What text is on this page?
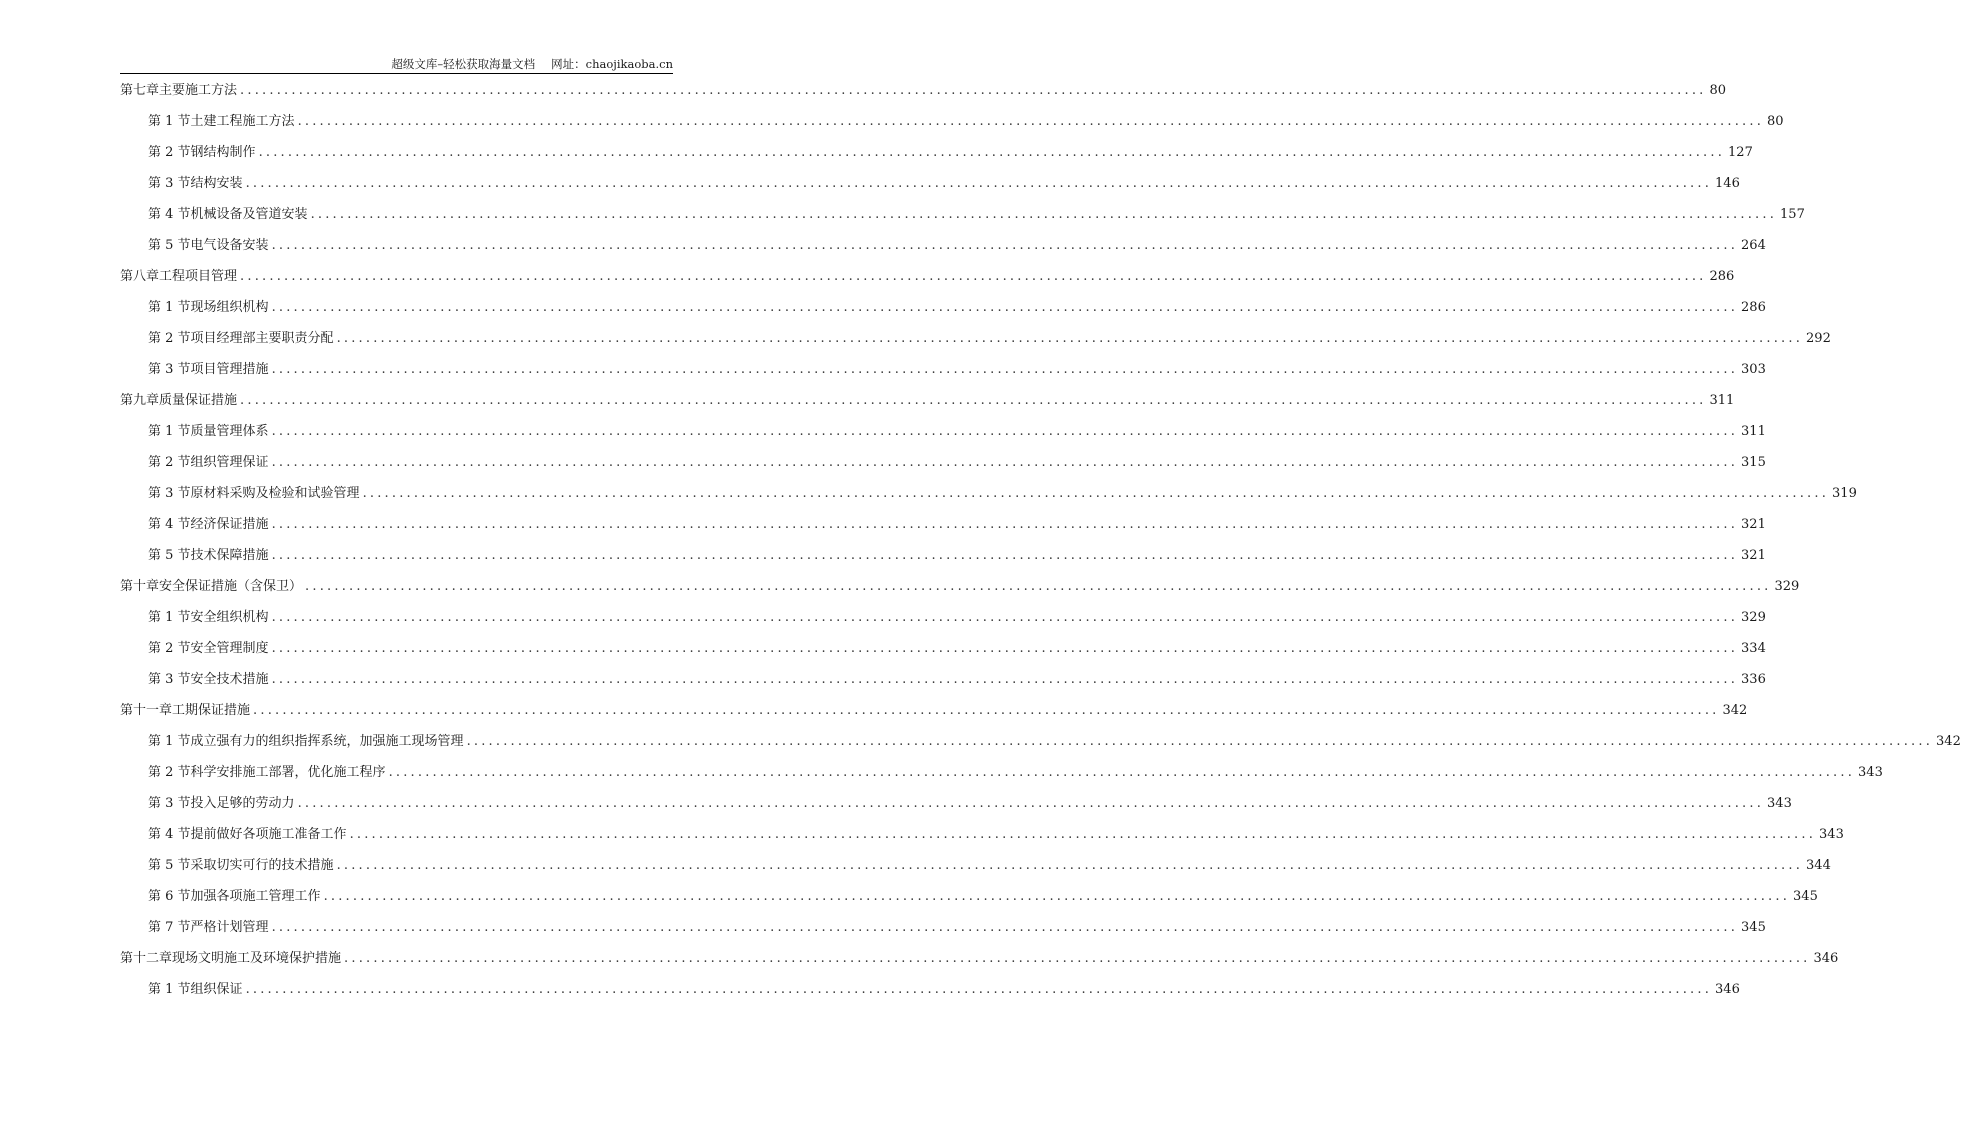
超级文库–轻松获取海量文档 网址：chaojikaoba.cn
第七章 主要施工方法 ........................................................................................................................................................................................................ 80
第 1 节 土建工程施工方法 ........................................................................................................................................................................................................ 80
第 2 节 钢结构制作 ........................................................................................................................................................................................................ 127
第 3 节 结构安装 ........................................................................................................................................................................................................ 146
第 4 节 机械设备及管道安装 ........................................................................................................................................................................................................ 157
第 5 节 电气设备安装 ........................................................................................................................................................................................................ 264
第八章 工程项目管理 ........................................................................................................................................................................................................ 286
第 1 节 现场组织机构 ........................................................................................................................................................................................................ 286
第 2 节 项目经理部主要职责分配 ........................................................................................................................................................................................................ 292
第 3 节 项目管理措施 ........................................................................................................................................................................................................ 303
第九章 质量保证措施 ........................................................................................................................................................................................................ 311
第 1 节 质量管理体系 ........................................................................................................................................................................................................ 311
第 2 节 组织管理保证 ........................................................................................................................................................................................................ 315
第 3 节 原材料采购及检验和试验管理 ........................................................................................................................................................................................................ 319
第 4 节 经济保证措施 ........................................................................................................................................................................................................ 321
第 5 节 技术保障措施 ........................................................................................................................................................................................................ 321
第十章 安全保证措施（含保卫） ........................................................................................................................................................................................................ 329
第 1 节 安全组织机构 ........................................................................................................................................................................................................ 329
第 2 节 安全管理制度 ........................................................................................................................................................................................................ 334
第 3 节 安全技术措施 ........................................................................................................................................................................................................ 336
第十一章 工期保证措施 ........................................................................................................................................................................................................ 342
第 1 节 成立强有力的组织指挥系统，加强施工现场管理 ........................................................................................................................................................................................................ 342
第 2 节 科学安排施工部署，优化施工程序 ........................................................................................................................................................................................................ 343
第 3 节 投入足够的劳动力 ........................................................................................................................................................................................................ 343
第 4 节 提前做好各项施工准备工作 ........................................................................................................................................................................................................ 343
第 5 节 采取切实可行的技术措施 ........................................................................................................................................................................................................ 344
第 6 节 加强各项施工管理工作 ........................................................................................................................................................................................................ 345
第 7 节 严格计划管理 ........................................................................................................................................................................................................ 345
第十二章 现场文明施工及环境保护措施 ........................................................................................................................................................................................................ 346
第 1 节 组织保证 ........................................................................................................................................................................................................ 346
